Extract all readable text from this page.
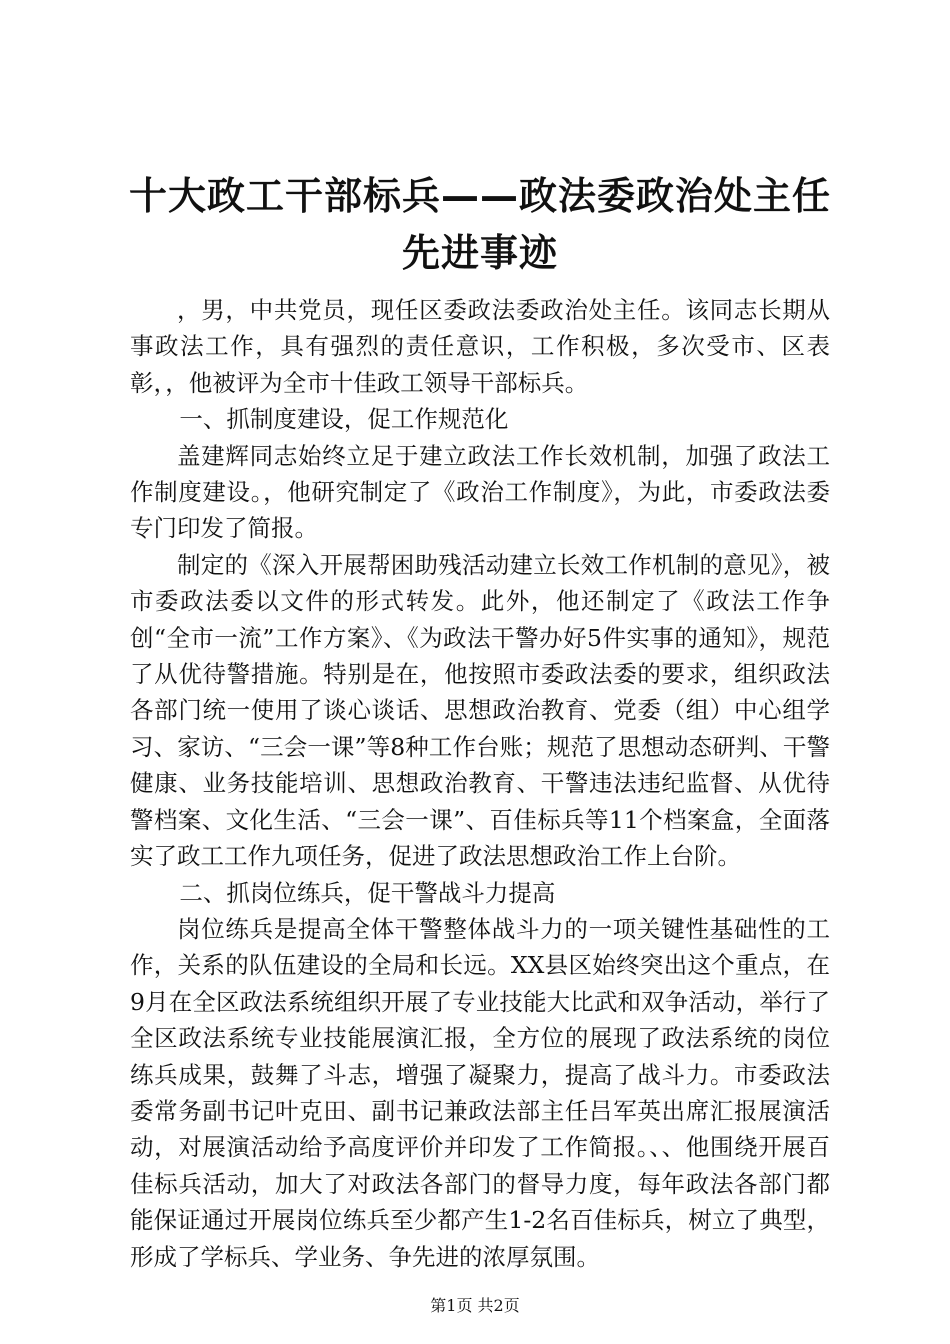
十大政工干部标兵——政法委政治处主任先进事迹

，男，中共党员，现任区委政法委政治处主任。该同志长期从事政法工作，具有强烈的责任意识，工作积极，多次受市、区表彰，，他被评为全市十佳政工领导干部标兵。

一、抓制度建设，促工作规范化

盖建辉同志始终立足于建立政法工作长效机制，加强了政法工作制度建设。，他研究制定了《政治工作制度》，为此，市委政法委专门印发了简报。

制定的《深入开展帮困助残活动建立长效工作机制的意见》，被市委政法委以文件的形式转发。此外，他还制定了《政法工作争创“全市一流”工作方案》、《为政法干警办好5件实事的通知》，规范了从优待警措施。特别是在，他按照市委政法委的要求，组织政法各部门统一使用了谈心谈话、思想政治教育、党委（组）中心组学习、家访、“三会一课”等8种工作台账；规范了思想动态研判、干警健康、业务技能培训、思想政治教育、干警违法违纪监督、从优待警档案、文化生活、“三会一课”、百佳标兵等11个档案盒，全面落实了政工工作九项任务，促进了政法思想政治工作上台阶。

二、抓岗位练兵，促干警战斗力提高

岗位练兵是提高全体干警整体战斗力的一项关键性基础性的工作，关系的队伍建设的全局和长远。XX县区始终突出这个重点，在9月在全区政法系统组织开展了专业技能大比武和双争活动，举行了全区政法系统专业技能展演汇报，全方位的展现了政法系统的岗位练兵成果，鼓舞了斗志，增强了凝聚力，提高了战斗力。市委政法委常务副书记叶克田、副书记兼政法部主任吕军英出席汇报展演活动，对展演活动给予高度评价并印发了工作简报。、、他围绕开展百佳标兵活动，加大了对政法各部门的督导力度，每年政法各部门都能保证通过开展岗位练兵至少都产生1-2名百佳标兵，树立了典型，形成了学标兵、学业务、争先进的浓厚氛围。

第1页 共2页
